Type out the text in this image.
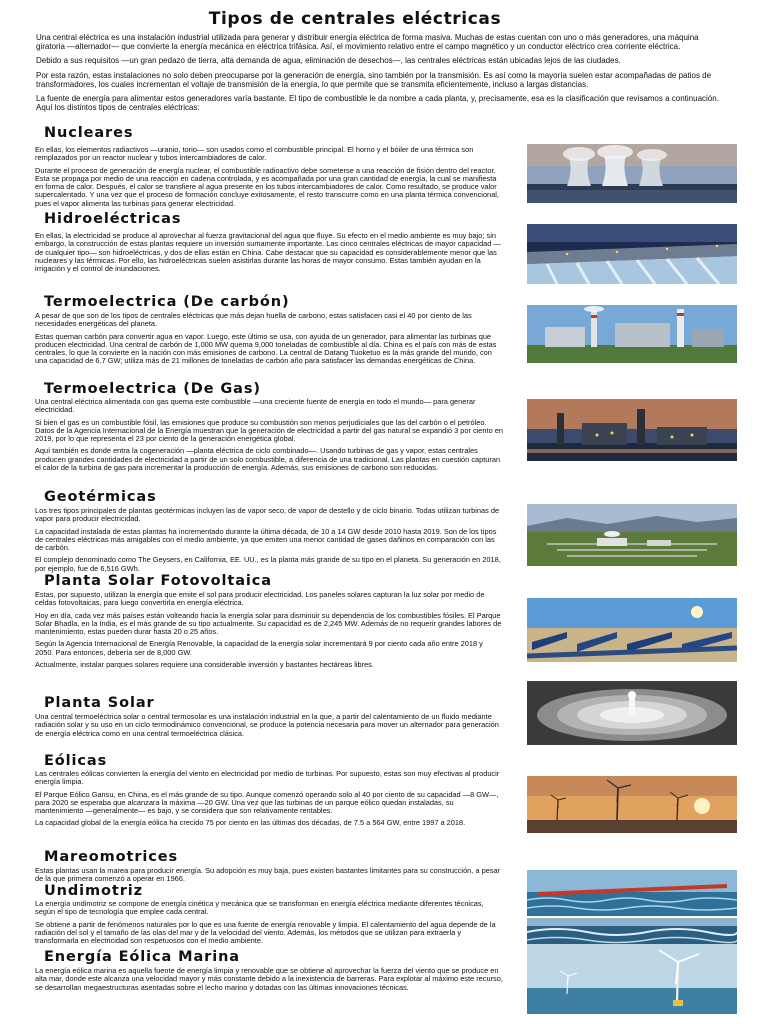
Tipos de centrales eléctricas

Una central eléctrica es una instalación industrial utilizada para generar y distribuir energía eléctrica de forma masiva. Muchas de estas cuentan con uno o más generadores, una máquina giratoria —alternador— que convierte la energía mecánica en eléctrica trifásica. Así, el movimiento relativo entre el campo magnético y un conductor eléctrico crea corriente eléctrica.

Debido a sus requisitos —un gran pedazo de tierra, alta demanda de agua, eliminación de desechos—, las centrales eléctricas están ubicadas lejos de las ciudades.

Por esta razón, estas instalaciones no solo deben preocuparse por la generación de energía, sino también por la transmisión. Es así como la mayoría suelen estar acompañadas de patios de transformadores, los cuales incrementan el voltaje de transmisión de la energía, lo que permite que se transmita eficientemente, incluso a largas distancias.

La fuente de energía para alimentar estos generadores varía bastante. El tipo de combustible le da nombre a cada planta, y, precisamente, esa es la clasificación que revisamos a continuación. Aquí los distintos tipos de centrales eléctricas:

Nucleares

En ellas, los elementos radiactivos —uranio, torio— son usados como el combustible principal. El horno y el bóiler de una térmica son remplazados por un reactor nuclear y tubos intercambiadores de calor.

Durante el proceso de generación de energía nuclear, el combustible radioactivo debe someterse a una reacción de fisión dentro del reactor. Esta se propaga por medio de una reacción en cadena controlada, y es acompañada por una gran cantidad de energía, la cual se manifiesta en forma de calor. Después, el calor se transfiere al agua presente en los tubos intercambiadores de calor. Como resultado, se produce valor supercalentado. Y una vez que el proceso de formación concluye exitosamente, el resto transcurre como en una planta térmica convencional, pues el vapor alimenta las turbinas para generar electricidad.

Hidroeléctricas

En ellas, la electricidad se produce al aprovechar al fuerza gravitacional del agua que fluye. Su efecto en el medio ambiente es muy bajo; sin embargo, la construcción de estas plantas requiere un inversión sumamente importante. Las cinco centrales eléctricas de mayor capacidad —de cualquier tipo— son hidroeléctricas, y dos de ellas están en China. Cabe destacar que su capacidad es considerablemente menor que las nucleares y las térmicas. Por ello, las hidroeléctricas suelen asistirlas durante las horas de mayor consumo. Estas también ayudan en la irrigación y el control de inundaciones.

Termoelectrica (De carbón)

A pesar de que son de los tipos de centrales eléctricas que más dejan huella de carbono, estas satisfacen casi el 40 por ciento de las necesidades energéticas del planeta.

Estas queman carbón para convertir agua en vapor. Luego, este último se usa, con ayuda de un generador, para alimentar las turbinas que producen electricidad. Una central de carbón de 1,000 MW quema 9,000 toneladas de combustible al día. China es el país con más de estas centrales, lo que la convierte en la nación con más emisiones de carbono. La central de Datang Tuoketuo es la más grande del mundo, con una capacidad de 6.7 GW; utiliza más de 21 millones de toneladas de carbón año para satisfacer las demandas energéticas de China.

Termoelectrica (De Gas)

Una central eléctrica alimentada con gas quema este combustible —una creciente fuente de energía en todo el mundo— para generar electricidad.

Si bien el gas es un combustible fósil, las emisiones que produce su combustión son menos perjudiciales que las del carbón o el petróleo. Datos de la Agencia Internacional de la Energía muestran que la generación de electricidad a partir del gas natural se expandió 3 por ciento en 2019, por lo que representa el 23 por ciento de la generación energética global.

Aquí también es donde entra la cogeneración —planta eléctrica de ciclo combinado—. Usando turbinas de gas y vapor, estas centrales producen grandes cantidades de electricidad a partir de un solo combustible, a diferencia de una tradicional. Las plantas en cuestión capturan el calor de la turbina de gas para incrementar la producción de energía. Además, sus emisiones de carbono son reducidas.

Geotérmicas

Los tres tipos principales de plantas geotérmicas incluyen las de vapor seco, de vapor de destello y de ciclo binario. Todas utilizan turbinas de vapor para producir electricidad.

La capacidad instalada de estas plantas ha incrementado durante la última década, de 10 a 14 GW desde 2010 hasta 2019. Son de los tipos de centrales eléctricas más amigables con el medio ambiente, ya que emiten una menor cantidad de gases dañinos en comparación con las de carbón.

El complejo denominado como The Geysers, en California, EE. UU., es la planta más grande de su tipo en el planeta. Su generación en 2018, por ejemplo, fue de 6,516 GWh.

Planta Solar Fotovoltaica

Estas, por supuesto, utilizan la energía que emite el sol para producir electricidad. Los paneles solares capturan la luz solar por medio de celdas fotovoltaicas, para luego convertirla en energía eléctrica.

Hoy en día, cada vez más países están volteando hacia la energía solar para disminuir su dependencia de los combustibles fósiles. El Parque Solar Bhadla, en la India, es el más grande de su tipo actualmente. Su capacidad es de 2,245 MW. Además de no requerir grandes labores de mantenimiento, estas pueden durar hasta 20 o 25 años.

Según la Agencia Internacional de Energía Renovable, la capacidad de la energía solar incrementará 9 por ciento cada año entre 2018 y 2050. Para entonces, debería ser de 8,000 GW.

Actualmente, instalar parques solares requiere una considerable inversión y bastantes hectáreas libres.

Planta Solar

Una central termoeléctrica solar o central termosolar es una instalación industrial en la que, a partir del calentamiento de un fluido mediante radiación solar y su uso en un ciclo termodinámico convencional, se produce la potencia necesaria para mover un alternador para generación de energía eléctrica como en una central termoeléctrica clásica.

Eólicas

Las centrales eólicas convierten la energía del viento en electricidad por medio de turbinas. Por supuesto, estas son muy efectivas al producir energía limpia.

El Parque Eólico Gansu, en China, es el más grande de su tipo. Aunque comenzó operando solo al 40 por ciento de su capacidad —8 GW—, para 2020 se esperaba que alcanzara la máxima —20 GW. Una vez que las turbinas de un parque eólico quedan instaladas, su mantenimiento —generalmente— es bajo, y se considera que son relativamente rentables.

La capacidad global de la energía eólica ha crecido 75 por ciento en las últimas dos décadas, de 7.5 a 564 GW, entre 1997 a 2018.

Mareomotrices

Estas plantas usan la marea para producir energía. Su adopción es muy baja, pues existen bastantes limitantes para su construcción, a pesar de la que primera comenzó a operar en 1966.

Undimotriz

La energía undimotriz se compone de energía cinética y mecánica que se transforman en energía eléctrica mediante diferentes técnicas, según el tipo de tecnología que emplee cada central.

Se obtiene a partir de fenómenos naturales por lo que es una fuente de energía renovable y limpia. El calentamiento del agua depende de la radiación del sol y el tamaño de las olas del mar y de la velocidad del viento. Además, los métodos que se utilizan para extraerla y transformarla en electricidad son respetuosos con el medio ambiente.

Energía Eólica Marina

La energía eólica marina es aquella fuente de energía limpia y renovable que se obtiene al aprovechar la fuerza del viento que se produce en alta mar, donde este alcanza una velocidad mayor y más constante debido a la inexistencia de barreras. Para explotar al máximo este recurso, se desarrollan megaestructuras asentadas sobre el lecho marino y dotadas con las últimas innovaciones técnicas.
